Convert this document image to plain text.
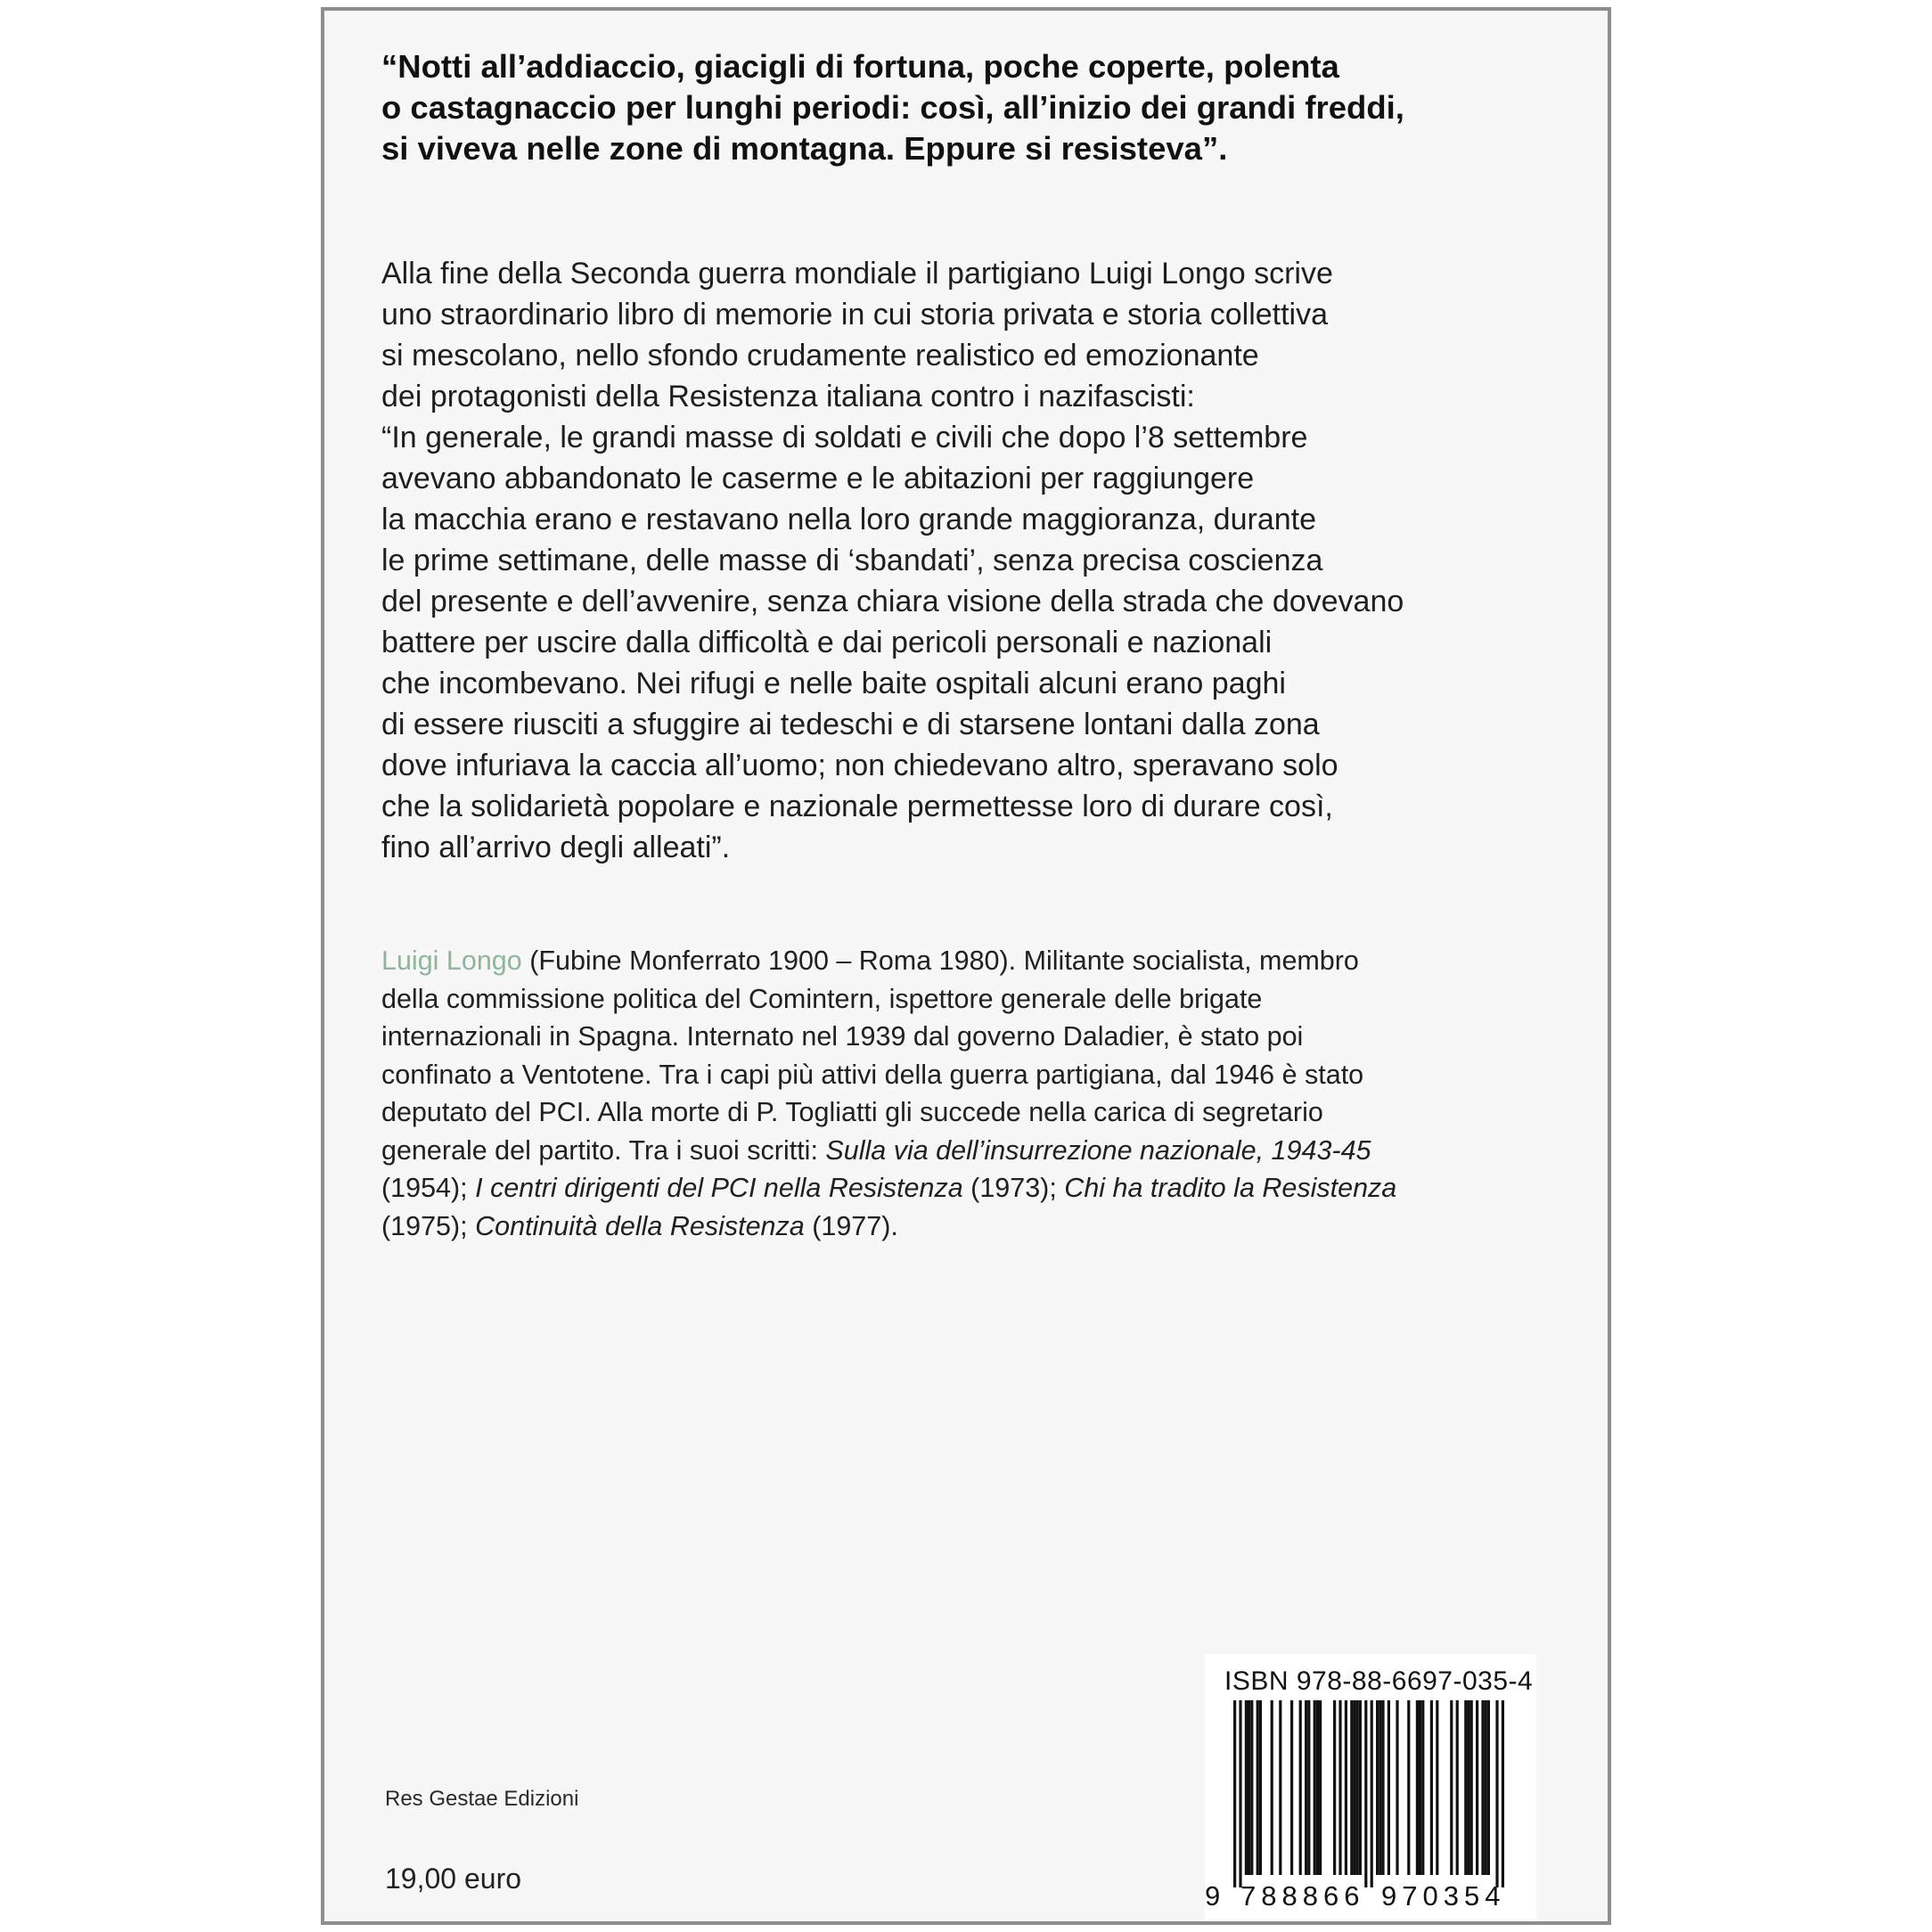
“Notti all’addiaccio, giacigli di fortuna, poche coperte, polenta
o castagnaccio per lunghi periodi: così, all’inizio dei grandi freddi,
si viveva nelle zone di montagna. Eppure si resisteva”.
Alla fine della Seconda guerra mondiale il partigiano Luigi Longo scrive
uno straordinario libro di memorie in cui storia privata e storia collettiva
si mescolano, nello sfondo crudamente realistico ed emozionante
dei protagonisti della Resistenza italiana contro i nazifascisti:
“In generale, le grandi masse di soldati e civili che dopo l’8 settembre
avevano abbandonato le caserme e le abitazioni per raggiungere
la macchia erano e restavano nella loro grande maggioranza, durante
le prime settimane, delle masse di ‘sbandati’, senza precisa coscienza
del presente e dell’avvenire, senza chiara visione della strada che dovevano
battere per uscire dalla difficoltà e dai pericoli personali e nazionali
che incombevano. Nei rifugi e nelle baite ospitali alcuni erano paghi
di essere riusciti a sfuggire ai tedeschi e di starsene lontani dalla zona
dove infuriava la caccia all’uomo; non chiedevano altro, speravano solo
che la solidarietà popolare e nazionale permettesse loro di durare così,
fino all’arrivo degli alleati”.
Luigi Longo (Fubine Monferrato 1900 – Roma 1980). Militante socialista, membro
della commissione politica del Comintern, ispettore generale delle brigate
internazionali in Spagna. Internato nel 1939 dal governo Daladier, è stato poi
confinato a Ventotene. Tra i capi più attivi della guerra partigiana, dal 1946 è stato
deputato del PCI. Alla morte di P. Togliatti gli succede nella carica di segretario
generale del partito. Tra i suoi scritti: Sulla via dell’insurrezione nazionale, 1943-45
(1954); I centri dirigenti del PCI nella Resistenza (1973); Chi ha tradito la Resistenza
(1975); Continuità della Resistenza (1977).
Res Gestae Edizioni
19,00 euro
ISBN 978-88-6697-035-4
9 788866 970354
